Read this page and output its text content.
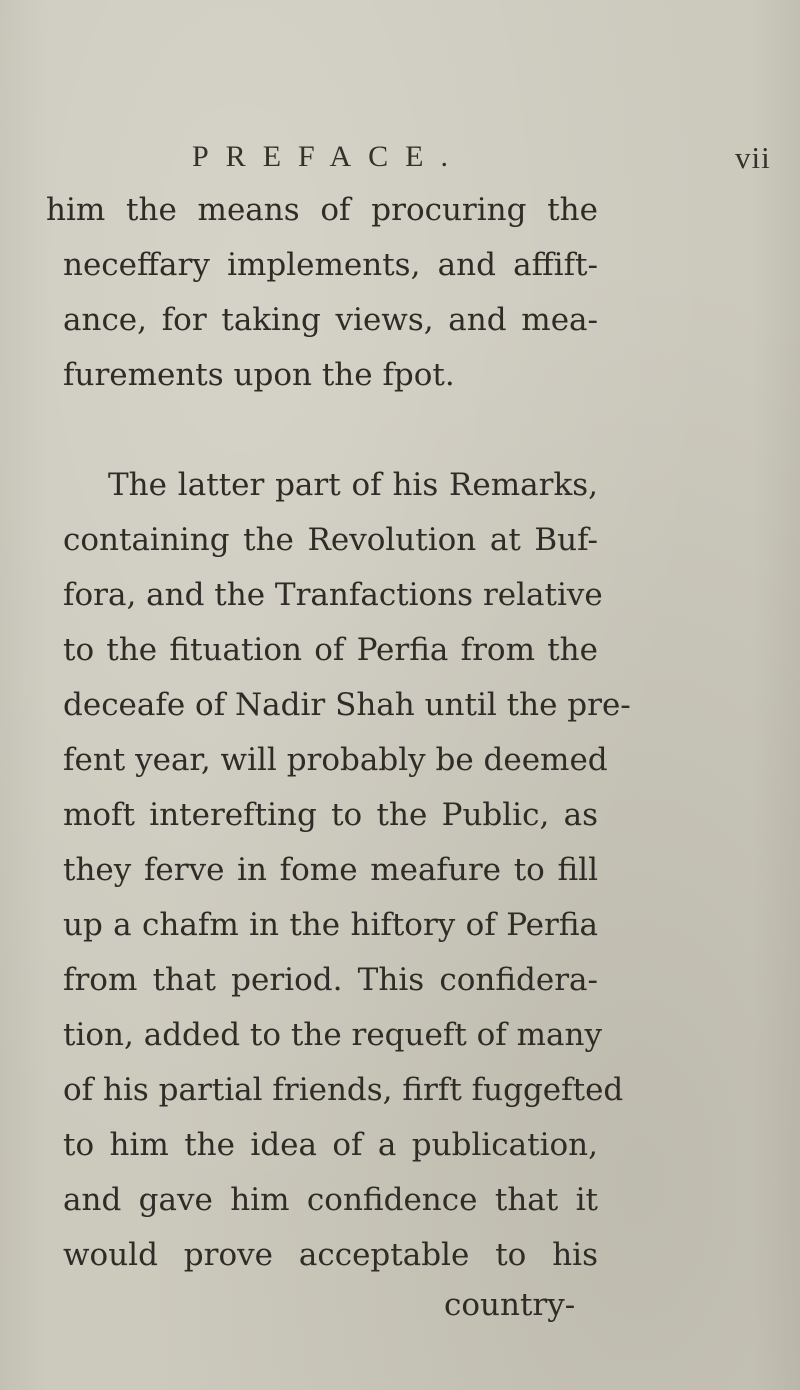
PREFACE.	vii
him the means of procuring the
neceffary implements, and affift-
ance, for taking views, and mea-
furements upon the fpot.
The latter part of his Remarks,
containing the Revolution at Buf-
fora, and the Tranfactions relative
to the fituation of Perfia from the
deceafe of Nadir Shah until the pre-
fent year, will probably be deemed
moft interefting to the Public, as
they ferve in fome meafure to fill
up a chafm in the hiftory of Perfia
from that period. This confidera-
tion, added to the requeft of many
of his partial friends, firft fuggefted
to him the idea of a publication,
and gave him confidence that it
would prove acceptable to his
country-
